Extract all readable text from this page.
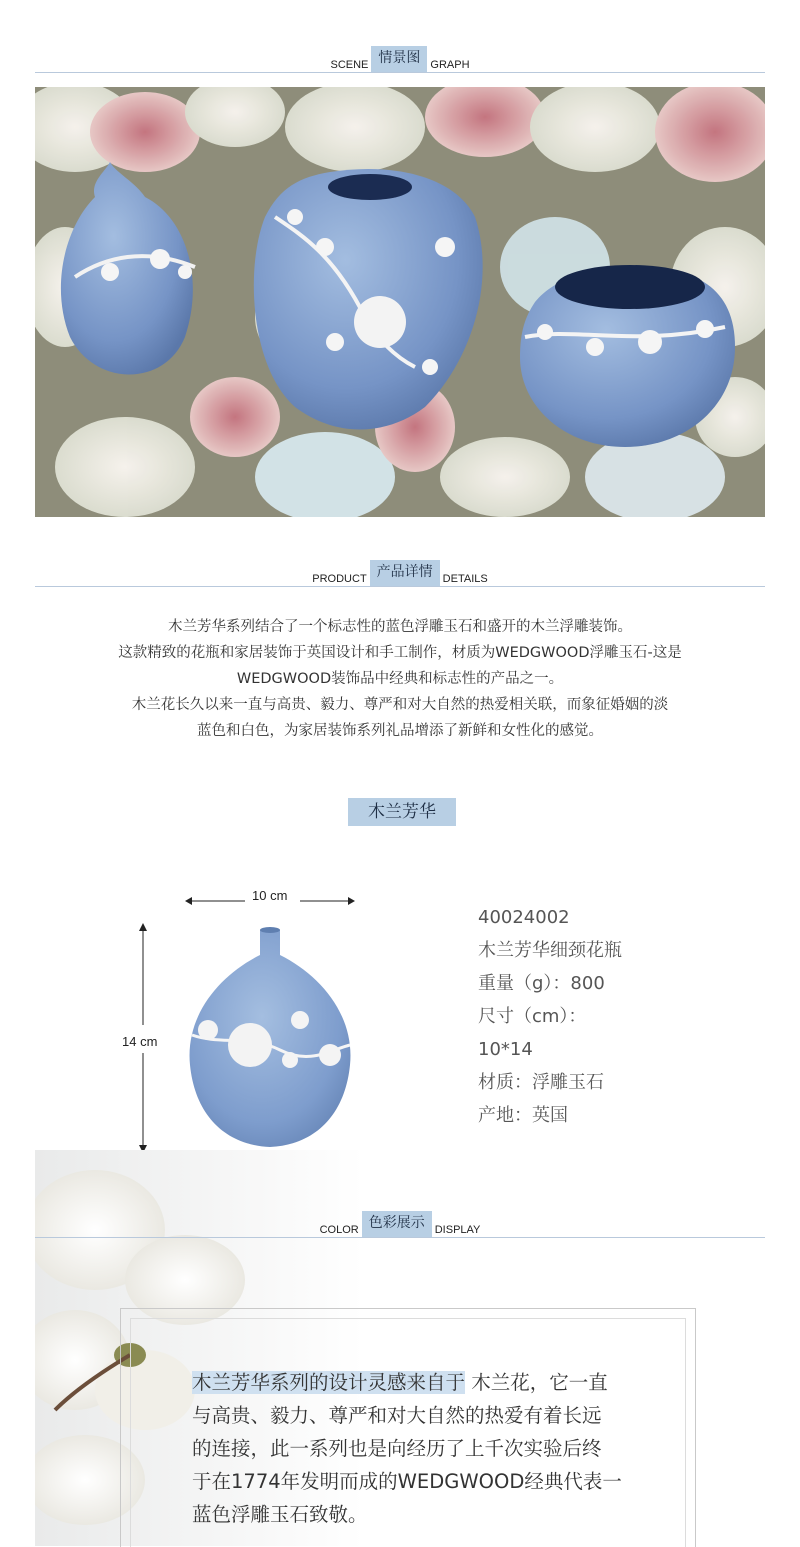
SCENE 情景图 GRAPH
PRODUCT 产品详情 DETAILS

木兰芳华系列结合了一个标志性的蓝色浮雕玉石和盛开的木兰浮雕装饰。

这款精致的花瓶和家居装饰于英国设计和手工制作，材质为WEDGWOOD浮雕玉石-这是

WEDGWOOD装饰品中经典和标志性的产品之一。

木兰花长久以来一直与高贵、毅力、尊严和对大自然的热爱相关联，而象征婚姻的淡

蓝色和白色，为家居装饰系列礼品增添了新鲜和女性化的感觉。

木兰芳华
10 cm
14 cm
40024002
木兰芳华细颈花瓶
重量（g）：800
尺寸（cm）：
10*14
材质：浮雕玉石
产地：英国
COLOR 色彩展示 DISPLAY
木兰芳华系列的设计灵感来自于 木兰花，它一直
与高贵、毅力、尊严和对大自然的热爱有着长远
的连接，此一系列也是向经历了上千次实验后终
于在1774年发明而成的WEDGWOOD经典代表一
蓝色浮雕玉石致敬。
